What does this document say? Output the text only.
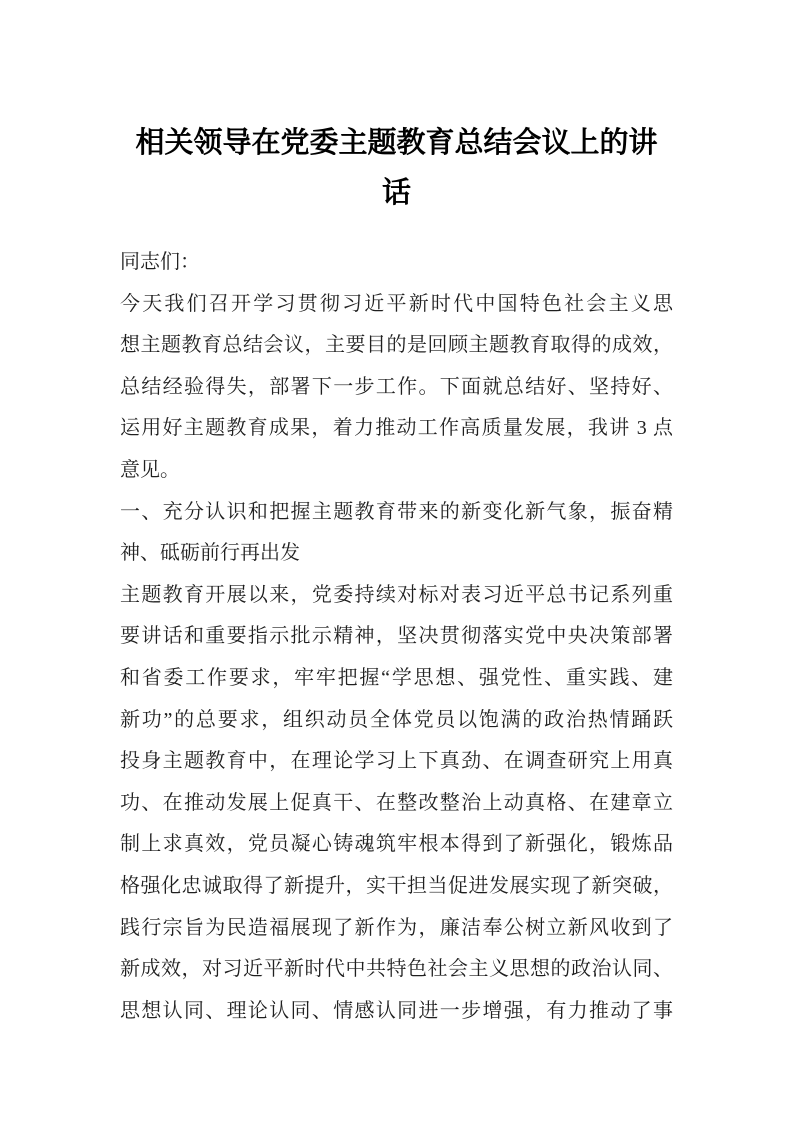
相关领导在党委主题教育总结会议上的讲
话
同志们：
今天我们召开学习贯彻习近平新时代中国特色社会主义思
想主题教育总结会议，主要目的是回顾主题教育取得的成效，
总结经验得失，部署下一步工作。下面就总结好、坚持好、
运用好主题教育成果，着力推动工作高质量发展，我讲 3 点
意见。
一、充分认识和把握主题教育带来的新变化新气象，振奋精
神、砥砺前行再出发
主题教育开展以来，党委持续对标对表习近平总书记系列重
要讲话和重要指示批示精神，坚决贯彻落实党中央决策部署
和省委工作要求，牢牢把握“学思想、强党性、重实践、建
新功”的总要求，组织动员全体党员以饱满的政治热情踊跃
投身主题教育中，在理论学习上下真劲、在调查研究上用真
功、在推动发展上促真干、在整改整治上动真格、在建章立
制上求真效，党员凝心铸魂筑牢根本得到了新强化，锻炼品
格强化忠诚取得了新提升，实干担当促进发展实现了新突破，
践行宗旨为民造福展现了新作为，廉洁奉公树立新风收到了
新成效，对习近平新时代中共特色社会主义思想的政治认同、
思想认同、理论认同、情感认同进一步增强，有力推动了事
